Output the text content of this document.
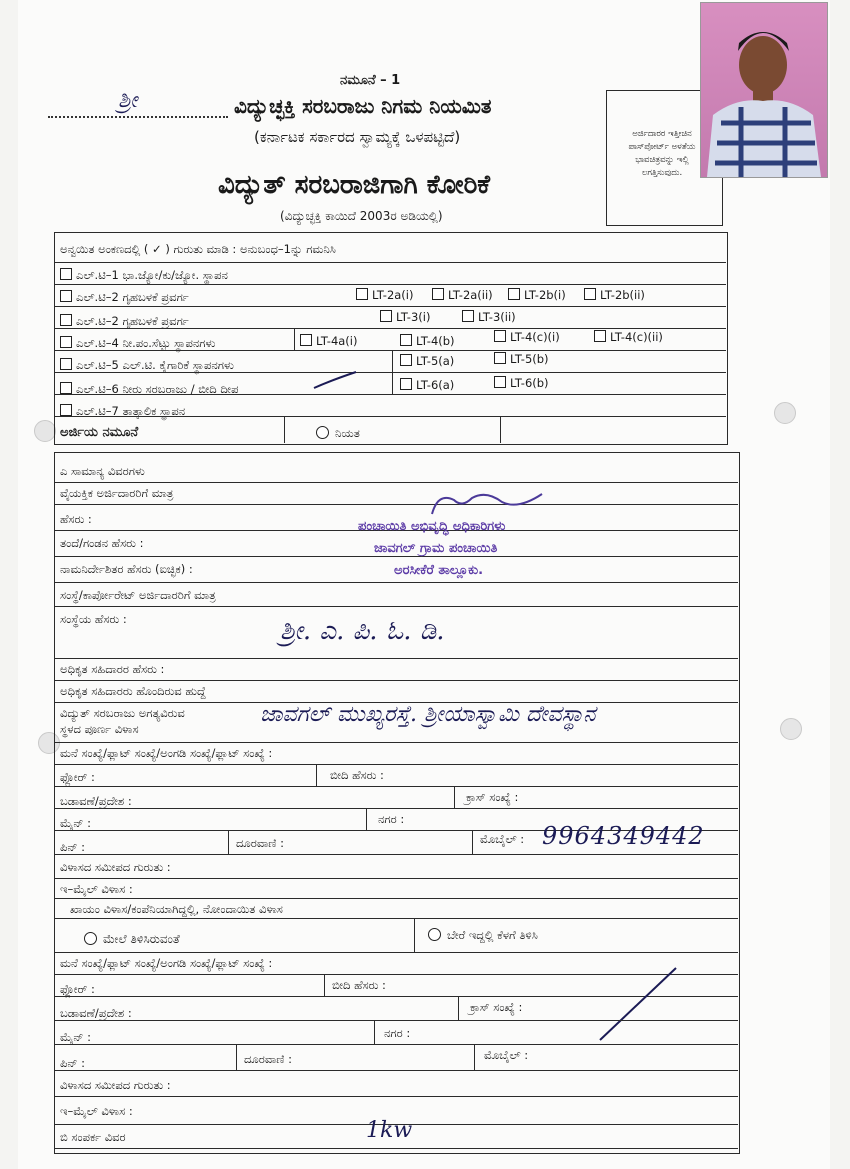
ನಮೂನೆ – 1
ಶ್ರೀ	ವಿದ್ಯುಚ್ಛಕ್ತಿ ಸರಬರಾಜು ನಿಗಮ ನಿಯಮಿತ
(ಕರ್ನಾಟಕ ಸರ್ಕಾರದ ಸ್ವಾಮ್ಯಕ್ಕೆ ಒಳಪಟ್ಟಿದೆ)
ವಿದ್ಯುತ್ ಸರಬರಾಜಿಗಾಗಿ ಕೋರಿಕೆ
(ವಿದ್ಯುಚ್ಛಕ್ತಿ ಕಾಯಿದೆ 2003ರ ಅಡಿಯಲ್ಲಿ)
ಅರ್ಜಿದಾರರ ಇತ್ತೀಚಿನ
ಪಾಸ್‌ಪೋರ್ಟ್ ಅಳತೆಯ
ಭಾವಚಿತ್ರವನ್ನು ಇಲ್ಲಿ
ಲಗತ್ತಿಸುವುದು.
ಅನ್ವಯಿತ ಅಂಕಣದಲ್ಲಿ ( ✓ ) ಗುರುತು ಮಾಡಿ : ಅನುಬಂಧ–1ನ್ನು ಗಮನಿಸಿ
ಎಲ್.ಟಿ–1 ಭಾ.ಜ್ಯೋ/ಕು/ಜ್ಯೋ. ಸ್ಥಾಪನ
ಎಲ್.ಟಿ–2 ಗೃಹಬಳಕೆ ಪ್ರವರ್ಗ	LT-2a(i)	LT-2a(ii)	LT-2b(i)	LT-2b(ii)
ಎಲ್.ಟಿ–2 ಗೃಹಬಳಕೆ ಪ್ರವರ್ಗ	LT-3(i)	LT-3(ii)
ಎಲ್.ಟಿ–4 ನೀ.ಪಂ.ಸೆಟ್ಟು ಸ್ಥಾಪನಗಳು	LT-4a(i)	LT-4(b)	LT-4(c)(i)	LT-4(c)(ii)
ಎಲ್.ಟಿ–5 ಎಲ್.ಟಿ. ಕೈಗಾರಿಕೆ ಸ್ಥಾಪನಗಳು	LT-5(a)	LT-5(b)
ಎಲ್.ಟಿ–6 ನೀರು ಸರಬರಾಜು / ಬೀದಿ ದೀಪ	LT-6(a)	LT-6(b)
ಎಲ್.ಟಿ–7 ತಾತ್ಕಾಲಿಕ ಸ್ಥಾಪನ
ಅರ್ಜಿಯ ನಮೂನೆ	ನಿಯತ
ಎ ಸಾಮಾನ್ಯ ವಿವರಗಳು
ವೈಯಕ್ತಿಕ ಅರ್ಜಿದಾರರಿಗೆ ಮಾತ್ರ
ಹೆಸರು :
ತಂದೆ/ಗಂಡನ ಹೆಸರು :
ನಾಮನಿರ್ದೇಶಿತರ ಹೆಸರು (ಐಚ್ಛಿಕ) :
ಸಂಸ್ಥೆ/ಕಾರ್ಪೋರೇಟ್ ಅರ್ಜಿದಾರರಿಗೆ ಮಾತ್ರ
ಸಂಸ್ಥೆಯ ಹೆಸರು :	ಶ್ರೀ. ಎ. ಪಿ. ಓ. ಡಿ.
ಅಧಿಕೃತ ಸಹಿದಾರರ ಹೆಸರು :
ಅಧಿಕೃತ ಸಹಿದಾರರು ಹೊಂದಿರುವ ಹುದ್ದೆ
ವಿದ್ಯುತ್ ಸರಬರಾಜು ಅಗತ್ಯವಿರುವ
ಸ್ಥಳದ ಪೂರ್ಣ ವಿಳಾಸ
ಜಾವಗಲ್ ಮುಖ್ಯರಸ್ತೆ. ಶ್ರೀಯಾಸ್ವಾಮಿ ದೇವಸ್ಥಾನ
ಪಂಚಾಯಿತಿ ಅಭಿವೃದ್ಧಿ ಅಧಿಕಾರಿಗಳು
ಜಾವಗಲ್ ಗ್ರಾಮ ಪಂಚಾಯಿತಿ
ಅರಸೀಕೆರೆ ತಾಲ್ಲೂಕು.
ಮನೆ ಸಂಖ್ಯೆ/ಫ್ಲಾಟ್ ಸಂಖ್ಯೆ/ಅಂಗಡಿ ಸಂಖ್ಯೆ/ಫ್ಲಾಟ್ ಸಂಖ್ಯೆ :
ಫ್ಲೋರ್ :	ಬೀದಿ ಹೆಸರು :
ಬಡಾವಣೆ/ಪ್ರದೇಶ :	ಕ್ರಾಸ್ ಸಂಖ್ಯೆ :
ಮೈನ್ :	ನಗರ :
ಪಿನ್ :	ದೂರವಾಣಿ :	ಮೊಬೈಲ್ : 9964349442
ವಿಳಾಸದ ಸಮೀಪದ ಗುರುತು :
ಇ–ಮೈಲ್ ವಿಳಾಸ :
ಖಾಯಂ ವಿಳಾಸ/ಕಂಪೆನಿಯಾಗಿದ್ದಲ್ಲಿ, ನೋಂದಾಯಿತ ವಿಳಾಸ
ಮೇಲೆ ತಿಳಿಸಿರುವಂತೆ	ಬೇರೆ ಇದ್ದಲ್ಲಿ ಕೆಳಗೆ ತಿಳಿಸಿ
ಮನೆ ಸಂಖ್ಯೆ/ಫ್ಲಾಟ್ ಸಂಖ್ಯೆ/ಅಂಗಡಿ ಸಂಖ್ಯೆ/ಫ್ಲಾಟ್ ಸಂಖ್ಯೆ :
ಫ್ಲೋರ್ :	ಬೀದಿ ಹೆಸರು :
ಬಡಾವಣೆ/ಪ್ರದೇಶ :	ಕ್ರಾಸ್ ಸಂಖ್ಯೆ :
ಮೈನ್ :	ನಗರ :
ಪಿನ್ :	ದೂರವಾಣಿ :	ಮೊಬೈಲ್ :
ವಿಳಾಸದ ಸಮೀಪದ ಗುರುತು :
ಇ–ಮೈಲ್ ವಿಳಾಸ :
ಬಿ ಸಂಪರ್ಕ ವಿವರ	1kw
